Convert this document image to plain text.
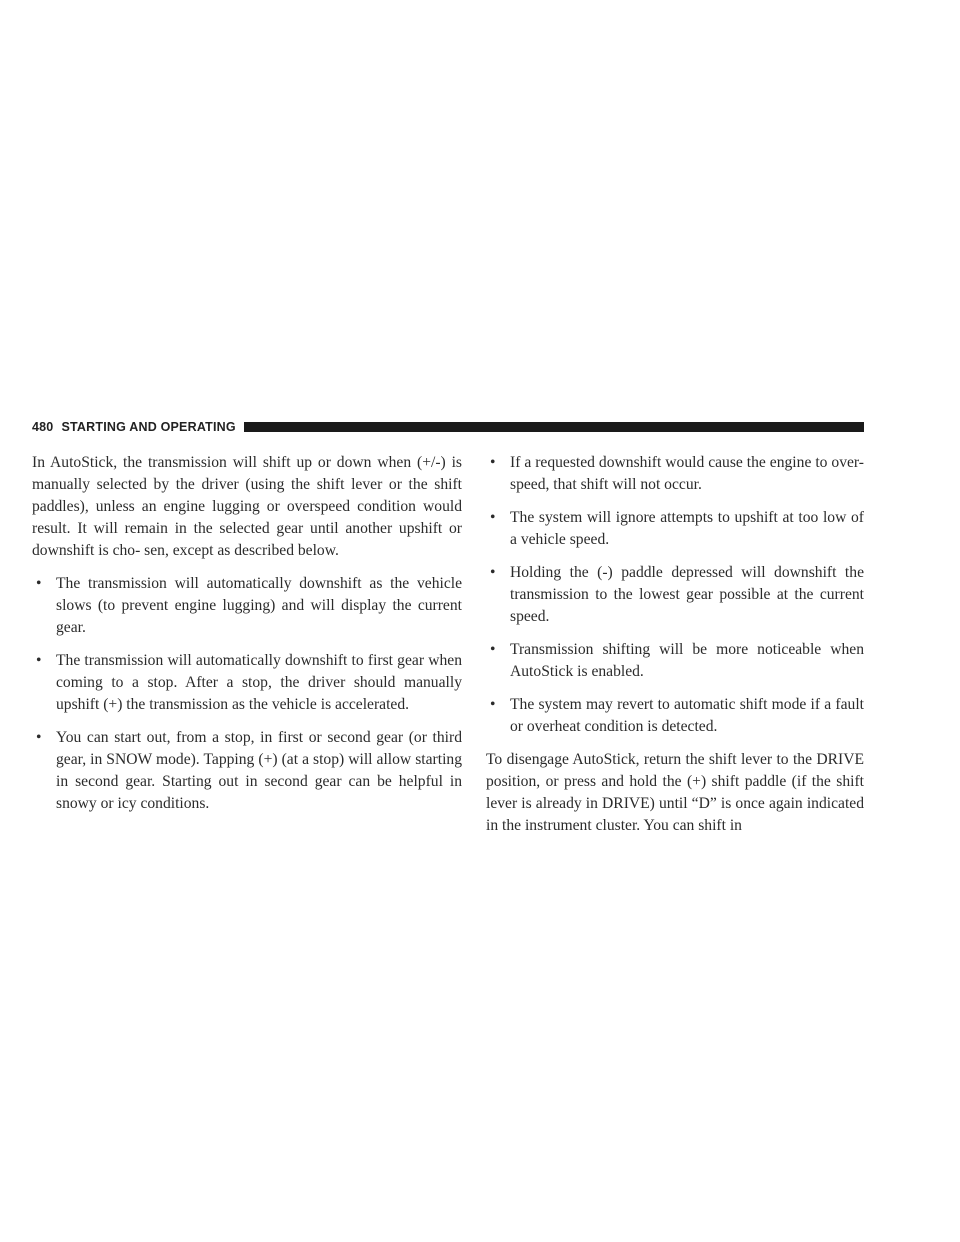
480 STARTING AND OPERATING

In AutoStick, the transmission will shift up or down when (+/-) is manually selected by the driver (using the shift lever or the shift paddles), unless an engine lugging or overspeed condition would result. It will remain in the selected gear until another upshift or downshift is cho- sen, except as described below.

• The transmission will automatically downshift as the vehicle slows (to prevent engine lugging) and will display the current gear.
• The transmission will automatically downshift to first gear when coming to a stop. After a stop, the driver should manually upshift (+) the transmission as the vehicle is accelerated.
• You can start out, from a stop, in first or second gear (or third gear, in SNOW mode). Tapping (+) (at a stop) will allow starting in second gear. Starting out in second gear can be helpful in snowy or icy conditions.
• If a requested downshift would cause the engine to over-speed, that shift will not occur.
• The system will ignore attempts to upshift at too low of a vehicle speed.
• Holding the (-) paddle depressed will downshift the transmission to the lowest gear possible at the current speed.
• Transmission shifting will be more noticeable when AutoStick is enabled.
• The system may revert to automatic shift mode if a fault or overheat condition is detected.

To disengage AutoStick, return the shift lever to the DRIVE position, or press and hold the (+) shift paddle (if the shift lever is already in DRIVE) until “D” is once again indicated in the instrument cluster. You can shift in
